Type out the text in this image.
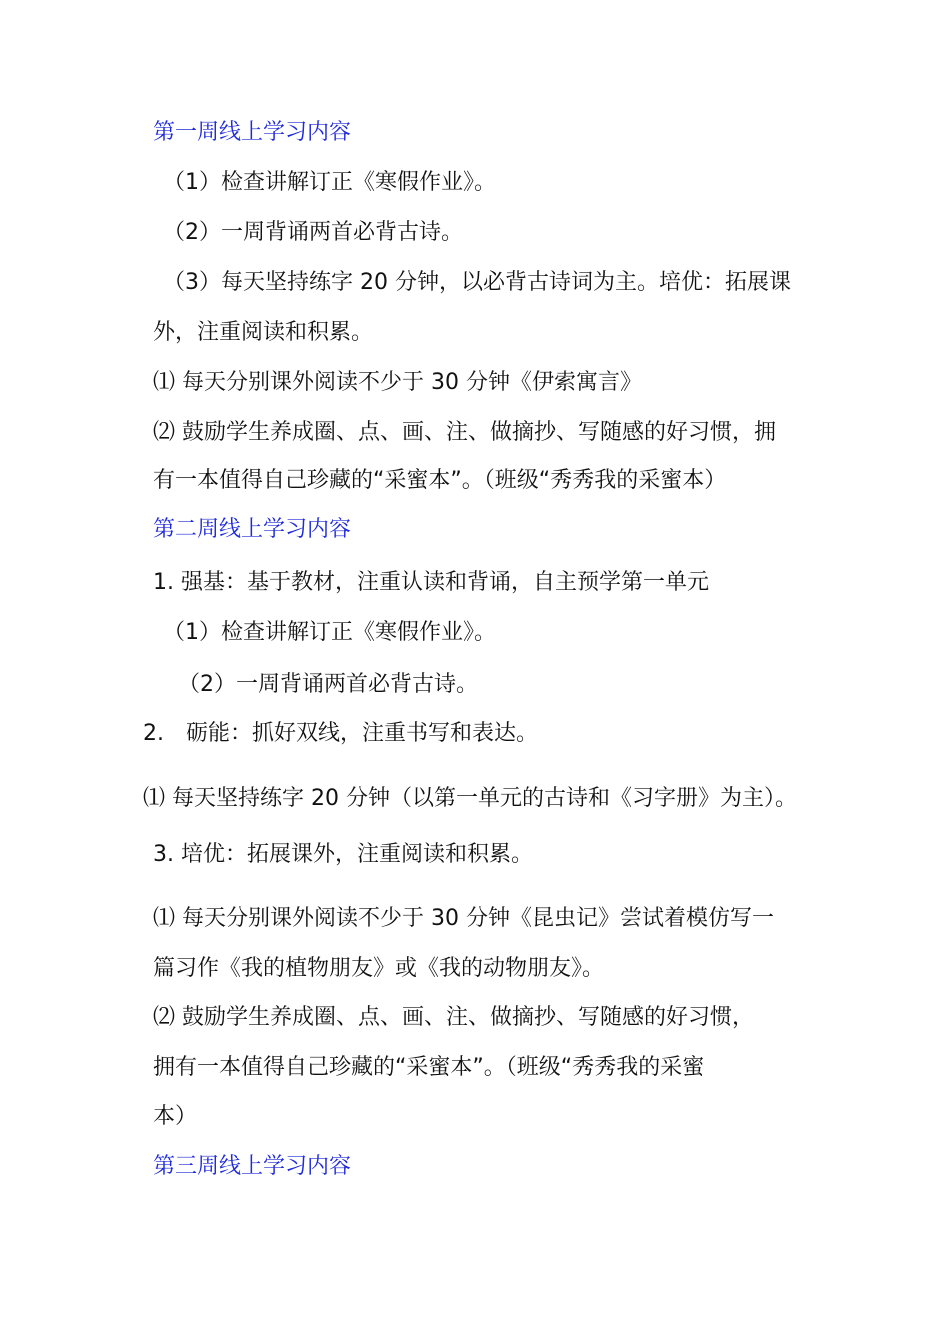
第一周线上学习内容

（1）检查讲解订正《寒假作业》。

（2）一周背诵两首必背古诗。

（3）每天坚持练字 20 分钟，以必背古诗词为主。培优：拓展课

外，注重阅读和积累。

⑴ 每天分别课外阅读不少于 30 分钟《伊索寓言》

⑵ 鼓励学生养成圈、点、画、注、做摘抄、写随感的好习惯，拥

有一本值得自己珍藏的“采蜜本”。（班级“秀秀我的采蜜本）

第二周线上学习内容

1. 强基：基于教材，注重认读和背诵，自主预学第一单元

（1）检查讲解订正《寒假作业》。

（2）一周背诵两首必背古诗。

2.　砺能：抓好双线，注重书写和表达。

⑴ 每天坚持练字 20 分钟（以第一单元的古诗和《习字册》为主）。

3. 培优：拓展课外，注重阅读和积累。

⑴ 每天分别课外阅读不少于 30 分钟《昆虫记》尝试着模仿写一

篇习作《我的植物朋友》或《我的动物朋友》。

⑵ 鼓励学生养成圈、点、画、注、做摘抄、写随感的好习惯，

拥有一本值得自己珍藏的“采蜜本”。（班级“秀秀我的采蜜

本）

第三周线上学习内容
